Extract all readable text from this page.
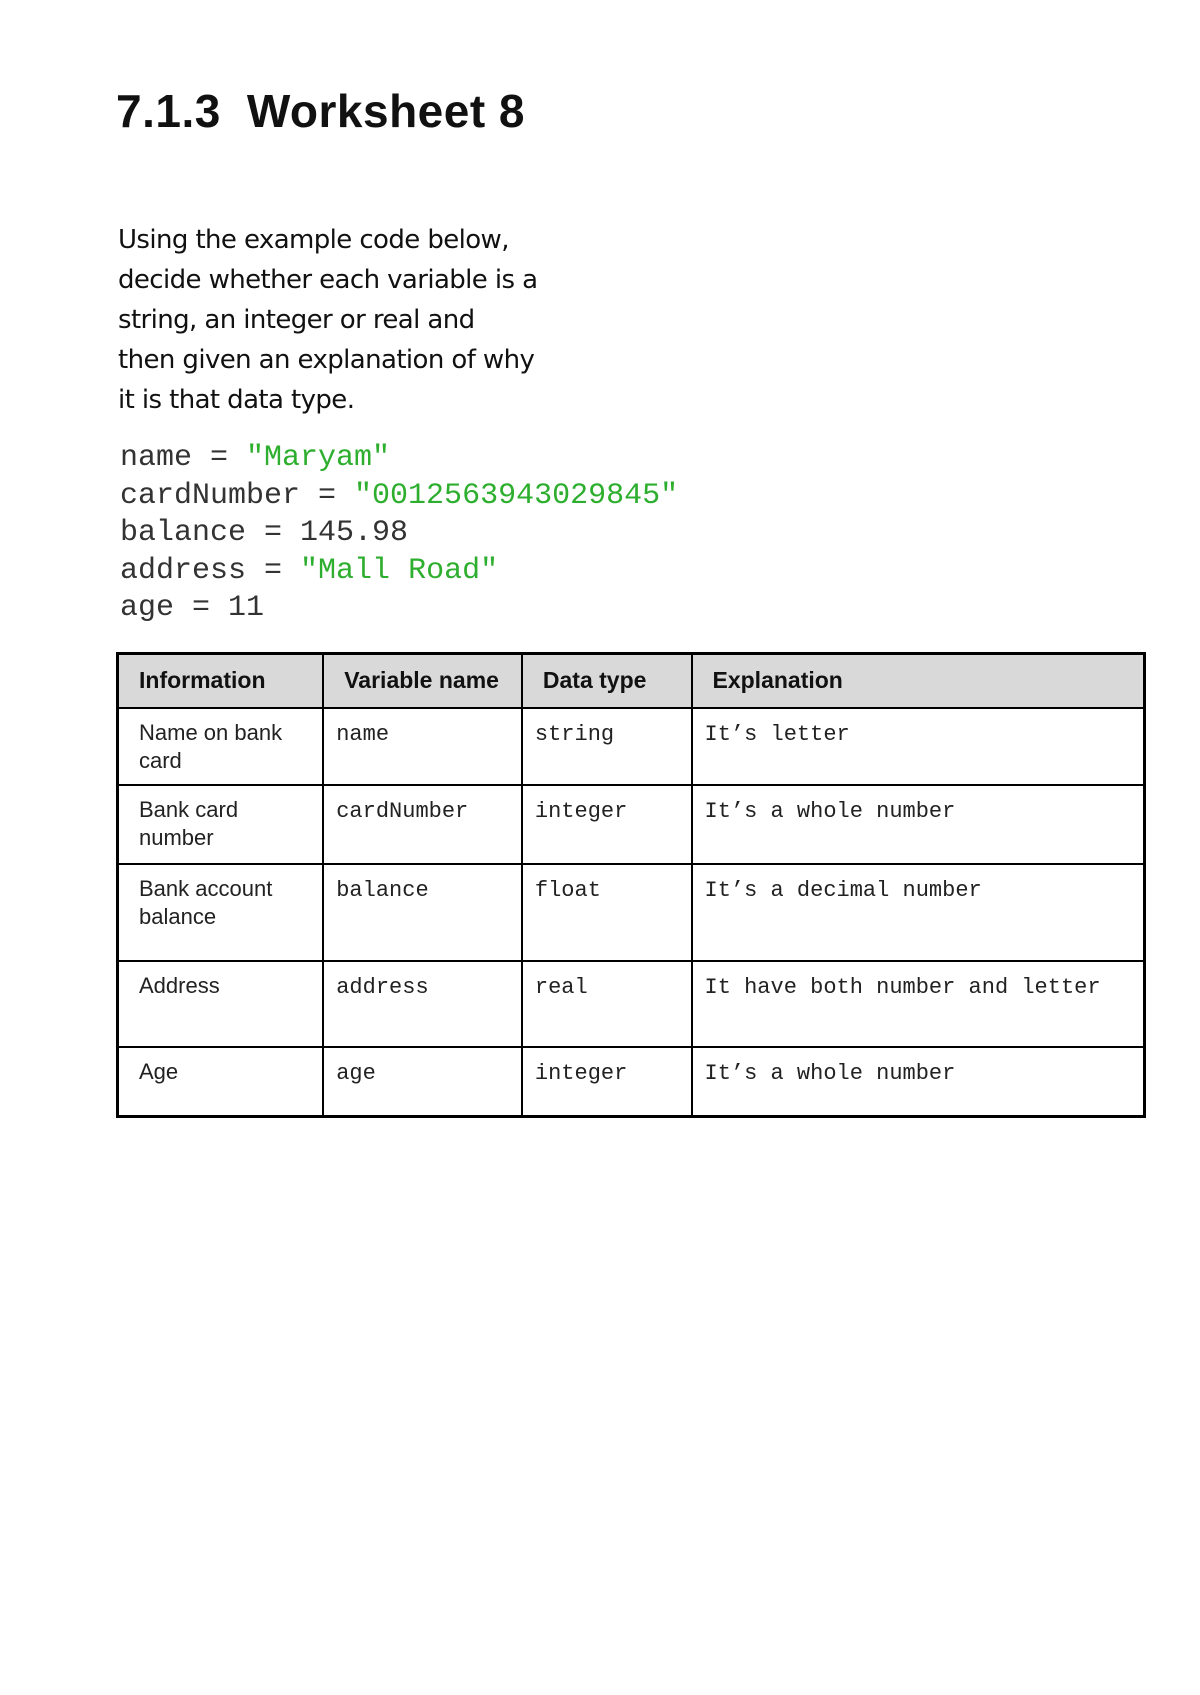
7.1.3 Worksheet 8
Using the example code below,
decide whether each variable is a
string, an integer or real and
then given an explanation of why
it is that data type.
name = "Maryam"
cardNumber = "0012563943029845"
balance = 145.98
address = "Mall Road"
age = 11
Information	Variable name	Data type	Explanation
Name on bank card	name	string	It’s letter
Bank card number	cardNumber	integer	It’s a whole number
Bank account balance	balance	float	It’s a decimal number
Address	address	real	It have both number and letter
Age	age	integer	It’s a whole number
